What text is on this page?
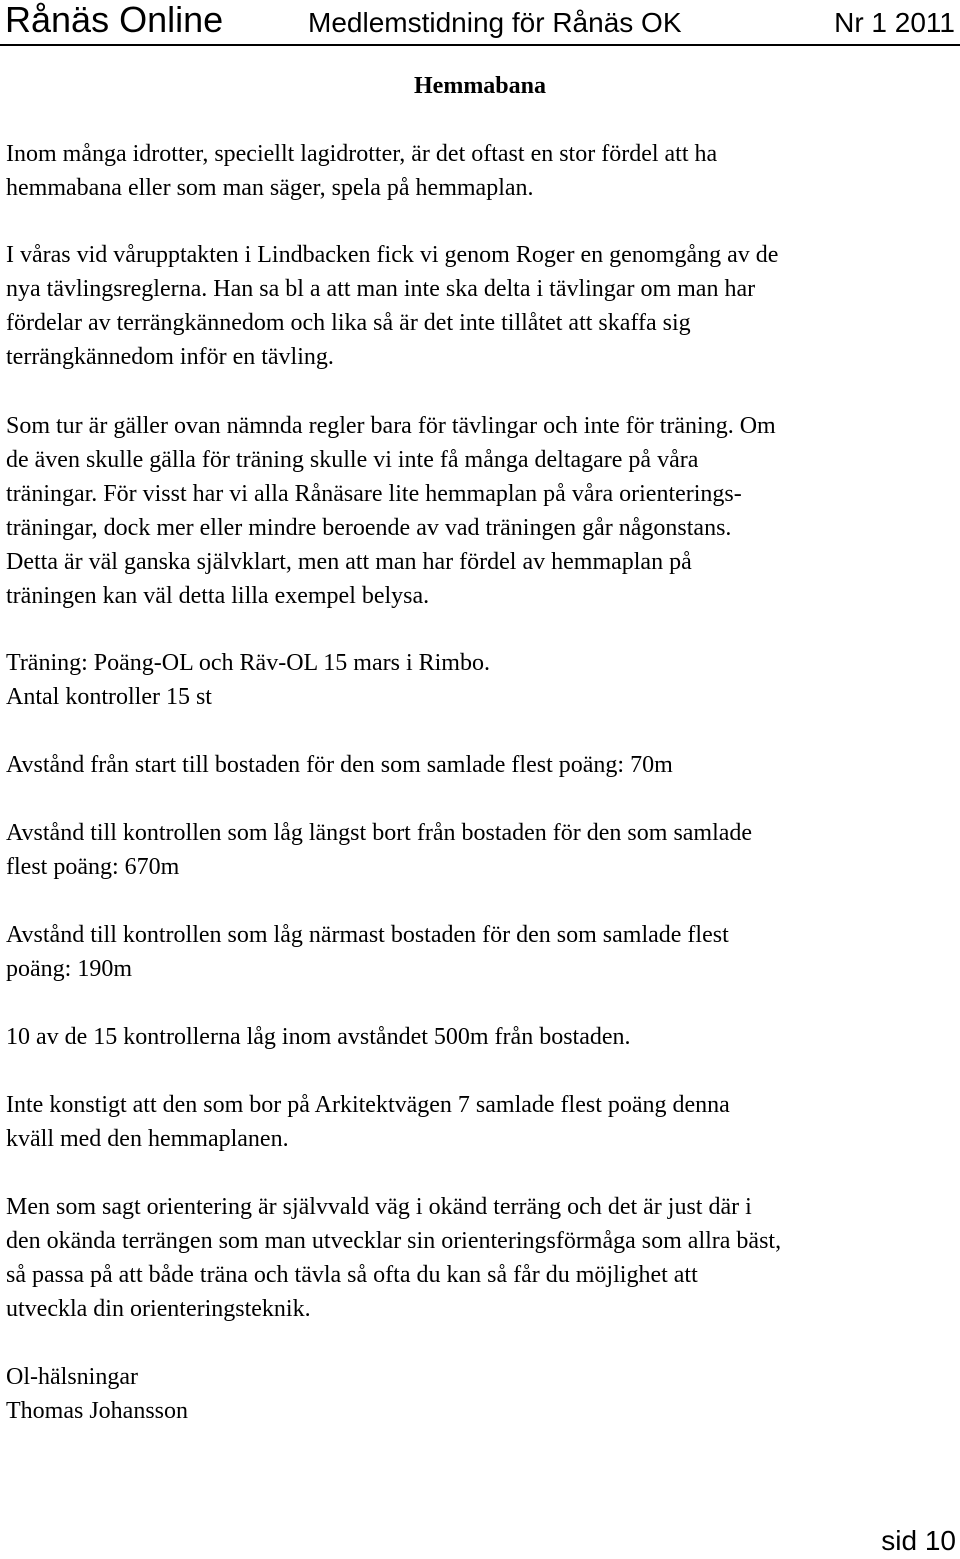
Rånäs Online	Medlemstidning för Rånäs OK	Nr 1 2011
Hemmabana

Inom många idrotter, speciellt lagidrotter, är det oftast en stor fördel att ha
hemmabana eller som man säger, spela på hemmaplan.

I våras vid vårupptakten i Lindbacken fick vi genom Roger en genomgång av de
nya tävlingsreglerna. Han sa bl a att man inte ska delta i tävlingar om man har
fördelar av terrängkännedom och lika så är det inte tillåtet att skaffa sig
terrängkännedom inför en tävling.

Som tur är gäller ovan nämnda regler bara för tävlingar och inte för träning. Om
de även skulle gälla för träning skulle vi inte få många deltagare på våra
träningar. För visst har vi alla Rånäsare lite hemmaplan på våra orienterings-
träningar, dock mer eller mindre beroende av vad träningen går någonstans.
Detta är väl ganska självklart, men att man har fördel av hemmaplan på
träningen kan väl detta lilla exempel belysa.

Träning: Poäng-OL och Räv-OL 15 mars i Rimbo.
Antal kontroller 15 st

Avstånd från start till bostaden för den som samlade flest poäng: 70m

Avstånd till kontrollen som låg längst bort från bostaden för den som samlade
flest poäng: 670m

Avstånd till kontrollen som låg närmast bostaden för den som samlade flest
poäng: 190m

10 av de 15 kontrollerna låg inom avståndet 500m från bostaden.

Inte konstigt att den som bor på Arkitektvägen 7 samlade flest poäng denna
kväll med den hemmaplanen.

Men som sagt orientering är självvald väg i okänd terräng och det är just där i
den okända terrängen som man utvecklar sin orienteringsförmåga som allra bäst,
så passa på att både träna och tävla så ofta du kan så får du möjlighet att
utveckla din orienteringsteknik.

Ol-hälsningar
Thomas Johansson

sid 10
